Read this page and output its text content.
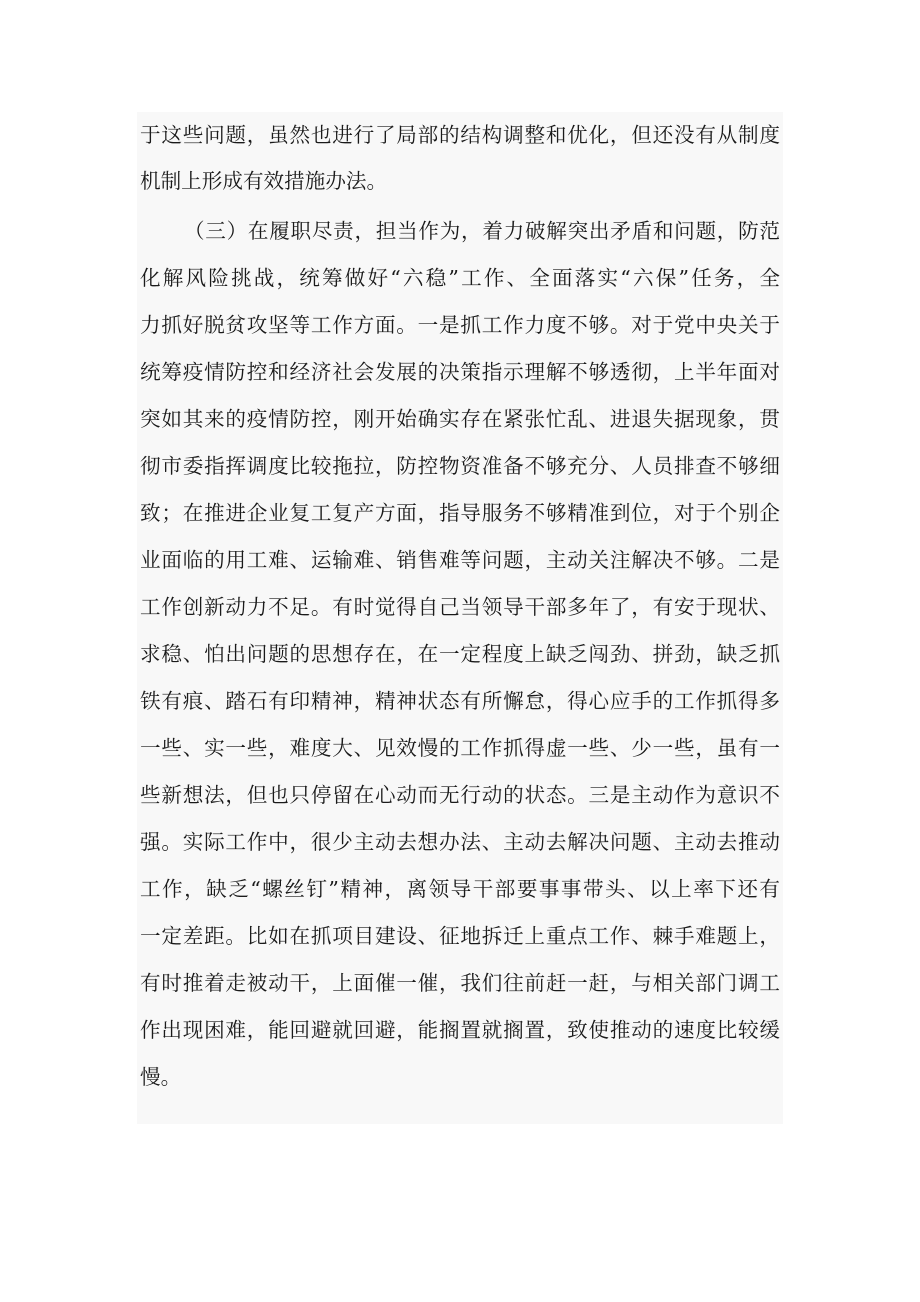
于这些问题，虽然也进行了局部的结构调整和优化，但还没有从制度

机制上形成有效措施办法。

（三）在履职尽责，担当作为，着力破解突出矛盾和问题，防范

化解风险挑战，统筹做好“六稳”工作、全面落实“六保”任务，全

力抓好脱贫攻坚等工作方面。一是抓工作力度不够。对于党中央关于

统筹疫情防控和经济社会发展的决策指示理解不够透彻，上半年面对

突如其来的疫情防控，刚开始确实存在紧张忙乱、进退失据现象，贯

彻市委指挥调度比较拖拉，防控物资准备不够充分、人员排查不够细

致；在推进企业复工复产方面，指导服务不够精准到位，对于个别企

业面临的用工难、运输难、销售难等问题，主动关注解决不够。二是

工作创新动力不足。有时觉得自己当领导干部多年了，有安于现状、

求稳、怕出问题的思想存在，在一定程度上缺乏闯劲、拼劲，缺乏抓

铁有痕、踏石有印精神，精神状态有所懈怠，得心应手的工作抓得多

一些、实一些，难度大、见效慢的工作抓得虚一些、少一些，虽有一

些新想法，但也只停留在心动而无行动的状态。三是主动作为意识不

强。实际工作中，很少主动去想办法、主动去解决问题、主动去推动

工作，缺乏“螺丝钉”精神，离领导干部要事事带头、以上率下还有

一定差距。比如在抓项目建设、征地拆迁上重点工作、棘手难题上，

有时推着走被动干，上面催一催，我们往前赶一赶，与相关部门调工

作出现困难，能回避就回避，能搁置就搁置，致使推动的速度比较缓

慢。
